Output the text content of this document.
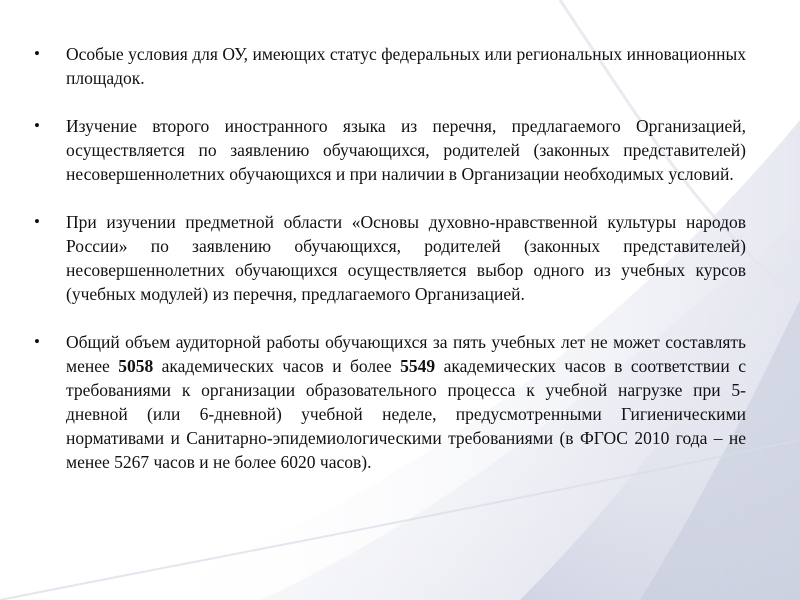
• Особые условия для ОУ, имеющих статус федеральных или региональных инновационных площадок.
• Изучение второго иностранного языка из перечня, предлагаемого Организацией, осуществляется по заявлению обучающихся, родителей (законных представителей) несовершеннолетних обучающихся и при наличии в Организации необходимых условий.
• При изучении предметной области «Основы духовно-нравственной культуры народов России» по заявлению обучающихся, родителей (законных представителей) несовершеннолетних обучающихся осуществляется выбор одного из учебных курсов (учебных модулей) из перечня, предлагаемого Организацией.
• Общий объем аудиторной работы обучающихся за пять учебных лет не может составлять менее 5058 академических часов и более 5549 академических часов в соответствии с требованиями к организации образовательного процесса к учебной нагрузке при 5-дневной (или 6-дневной) учебной неделе, предусмотренными Гигиеническими нормативами и Санитарно-эпидемиологическими требованиями (в ФГОС 2010 года – не менее 5267 часов и не более 6020 часов).
